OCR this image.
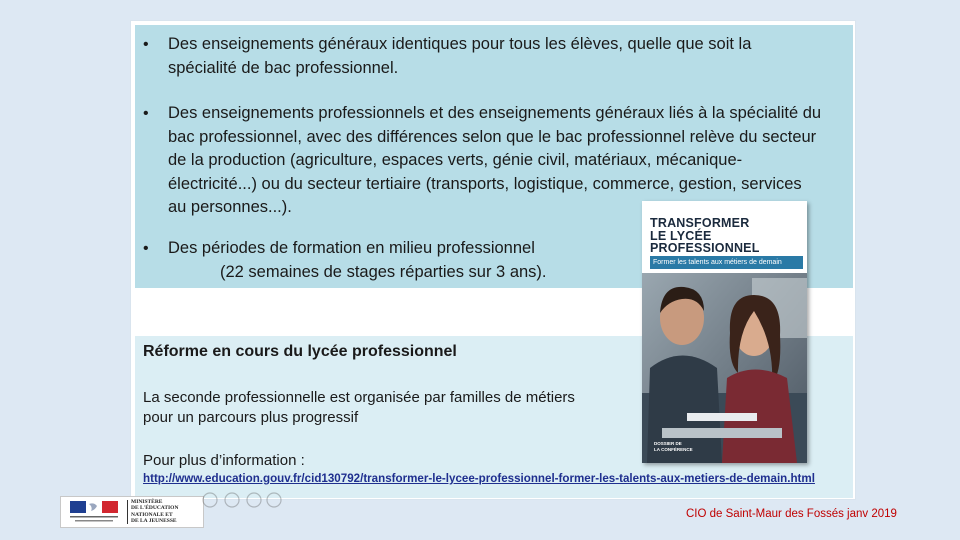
• Des enseignements généraux identiques pour tous les élèves, quelle que soit la
spécialité de bac professionnel.
• Des enseignements professionnels et des enseignements généraux liés à la spécialité du
bac professionnel, avec des différences selon que le bac professionnel relève du secteur
de la production (agriculture, espaces verts, génie civil, matériaux, mécanique-
électricité...) ou du secteur tertiaire (transports, logistique, commerce, gestion, services
au personnes...).
• Des périodes de formation en milieu professionnel
(22 semaines de stages réparties sur 3 ans).
Réforme en cours du lycée professionnel
La seconde professionnelle est organisée par familles de métiers
pour un parcours plus progressif
Pour plus d’information :
http://www.education.gouv.fr/cid130792/transformer-le-lycee-professionnel-former-les-talents-aux-metiers-de-demain.html
TRANSFORMER
LE LYCÉE
PROFESSIONNEL
Former les talents aux métiers de demain
DOSSIER DE
LA CONFÉRENCE
MINISTÈRE
DE L'ÉDUCATION
NATIONALE ET
DE LA JEUNESSE
CIO de Saint-Maur des Fossés janv 2019
